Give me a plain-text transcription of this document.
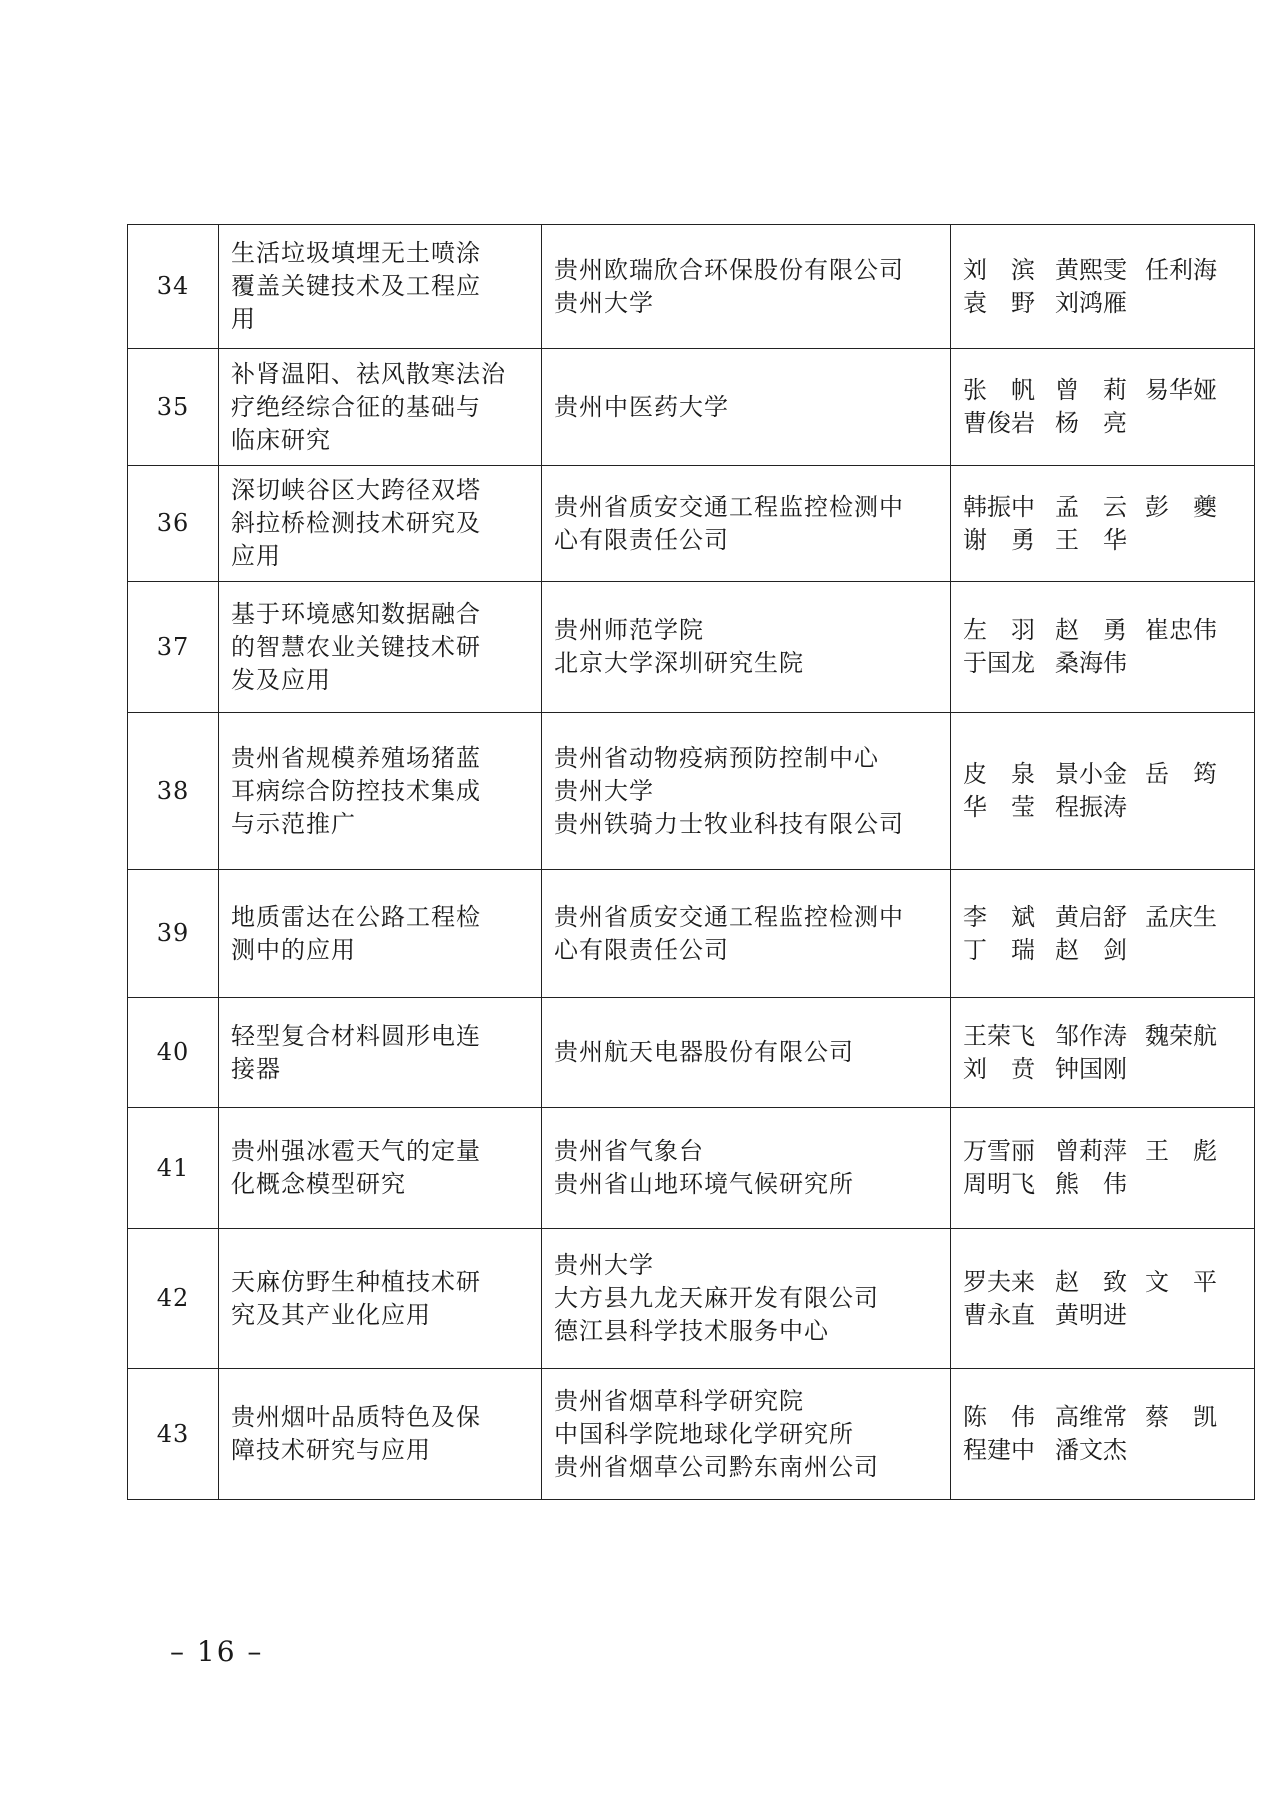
34	生活垃圾填埋无土喷涂
覆盖关键技术及工程应
用	贵州欧瑞欣合环保股份有限公司
贵州大学	刘　滨 黄熙雯 任利海
袁　野 刘鸿雁

35	补肾温阳、祛风散寒法治
疗绝经综合征的基础与
临床研究	贵州中医药大学	张　帆 曾　莉 易华娅
曹俊岩 杨　亮

36	深切峡谷区大跨径双塔
斜拉桥检测技术研究及
应用	贵州省质安交通工程监控检测中
心有限责任公司	韩振中 孟　云 彭　夔
谢　勇 王　华

37	基于环境感知数据融合
的智慧农业关键技术研
发及应用	贵州师范学院
北京大学深圳研究生院	左　羽 赵　勇 崔忠伟
于国龙 桑海伟

38	贵州省规模养殖场猪蓝
耳病综合防控技术集成
与示范推广	贵州省动物疫病预防控制中心
贵州大学
贵州铁骑力士牧业科技有限公司	皮　泉 景小金 岳　筠
华　莹 程振涛

39	地质雷达在公路工程检
测中的应用	贵州省质安交通工程监控检测中
心有限责任公司	李　斌 黄启舒 孟庆生
丁　瑞 赵　剑

40	轻型复合材料圆形电连
接器	贵州航天电器股份有限公司	王荣飞 邹作涛 魏荣航
刘　贲 钟国刚

41	贵州强冰雹天气的定量
化概念模型研究	贵州省气象台
贵州省山地环境气候研究所	万雪丽 曾莉萍 王　彪
周明飞 熊　伟

42	天麻仿野生种植技术研
究及其产业化应用	贵州大学
大方县九龙天麻开发有限公司
德江县科学技术服务中心	罗夫来 赵　致 文　平
曹永直 黄明进

43	贵州烟叶品质特色及保
障技术研究与应用	贵州省烟草科学研究院
中国科学院地球化学研究所
贵州省烟草公司黔东南州公司	陈　伟 高维常 蔡　凯
程建中 潘文杰
– 16 –
